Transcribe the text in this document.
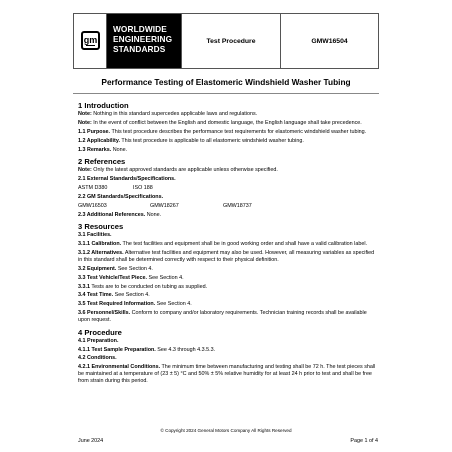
gm
WORLDWIDE
ENGINEERING
STANDARDS
Test Procedure	GMW16504
Performance Testing of Elastomeric Windshield Washer Tubing
1 Introduction

Note: Nothing in this standard supercedes applicable laws and regulations.

Note: In the event of conflict between the English and domestic language, the English language shall take precedence.

1.1 Purpose. This test procedure describes the performance test requirements for elastomeric windshield washer tubing.

1.2 Applicability. This test procedure is applicable to all elastomeric windshield washer tubing.

1.3 Remarks. None.

2 References

Note: Only the latest approved standards are applicable unless otherwise specified.

2.1 External Standards/Specifications.

ASTM D380	ISO 188

2.2 GM Standards/Specifications.

GMW16503	GMW18267	GMW18737

2.3 Additional References. None.

3 Resources

3.1 Facilities.

3.1.1 Calibration. The test facilities and equipment shall be in good working order and shall have a valid calibration label.

3.1.2 Alternatives. Alternative test facilities and equipment may also be used. However, all measuring variables as specified in this standard shall be determined correctly with respect to their physical definition.

3.2 Equipment. See Section 4.

3.3 Test Vehicle/Test Piece. See Section 4.

3.3.1 Tests are to be conducted on tubing as supplied.

3.4 Test Time. See Section 4.

3.5 Test Required Information. See Section 4.

3.6 Personnel/Skills. Conform to company and/or laboratory requirements. Technician training records shall be available upon request.

4 Procedure

4.1 Preparation.

4.1.1 Test Sample Preparation. See 4.3 through 4.3.5.3.

4.2 Conditions.

4.2.1 Environmental Conditions. The minimum time between manufacturing and testing shall be 72 h. The test pieces shall be maintained at a temperature of (23 ± 5) °C and 50% ± 5% relative humidity for at least 24 h prior to test and shall be free from strain during this period.

© Copyright 2024 General Motors Company All Rights Reserved
June 2024	Page 1 of 4
